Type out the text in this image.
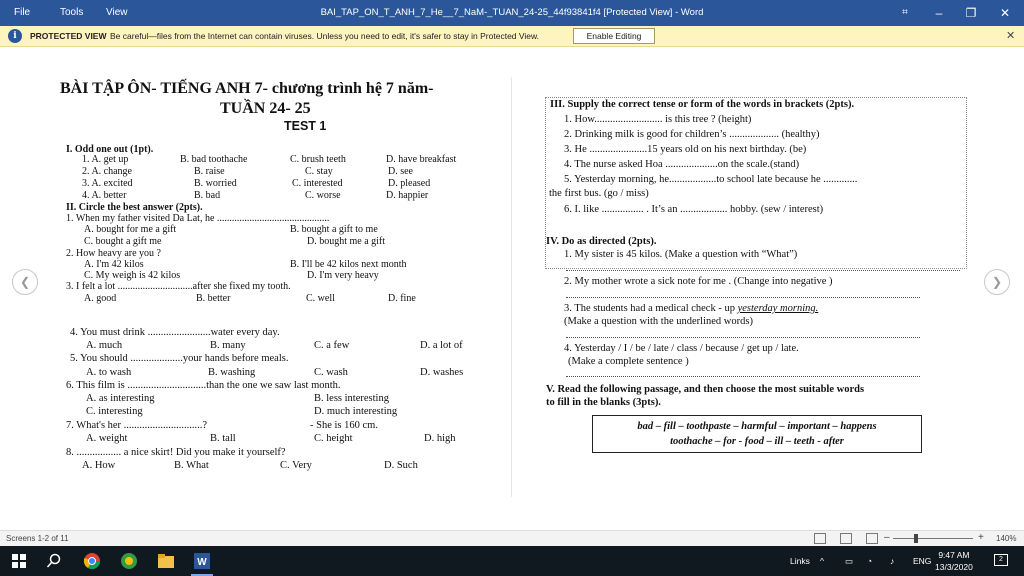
File	Tools View	BAI_TAP_ON_T_ANH_7_He__7_NaM-_TUAN_24-25_44f93841f4 [Protected View] - Word	⌗	–	❐	✕
i	PROTECTED VIEW Be careful—files from the Internet can contain viruses. Unless you need to edit, it's safer to stay in Protected View.	Enable Editing	✕
❮	❯
BÀI TẬP ÔN- TIẾNG ANH 7- chương trình hệ 7 năm-
TUẦN 24- 25
TEST 1
I. Odd one out (1pt).
1. A. get up	B. bad toothache	C. brush teeth	D. have breakfast
2. A. change	B. raise	C. stay	D. see
3. A. excited	B. worried	C. interested	D. pleased
4. A. better	B. bad	C. worse	D. happier
II. Circle the best answer (2pts).
1. When my father visited Da Lat, he .............................................
A. bought for me a gift	B. bought a gift to me
C. bought a gift me	D. bought me a gift
2. How heavy are you ?
A. I'm 42 kilos	B. I'll be 42 kilos next month
C. My weigh is 42 kilos	D. I'm very heavy
3. I felt a lot ..............................after she fixed my tooth.
A. good	B. better	C. well	D. fine
4. You must drink ........................water every day.
A. much	B. many	C. a few	D. a lot of
5. You should ....................your hands before meals.
A. to wash	B. washing	C. wash	D. washes
6. This film is ..............................than the one we saw last month.
A. as interesting	B. less interesting
C. interesting	D. much interesting
7. What's her ..............................?	- She is 160 cm.
A. weight	B. tall	C. height	D. high
8. ................. a nice skirt! Did you make it yourself?
A. How	B. What	C. Very	D. Such
III. Supply the correct tense or form of the words in brackets (2pts).
1. How.......................... is this tree ? (height)
2. Drinking milk is good for children’s ................... (healthy)
3. He ......................15 years old on his next birthday. (be)
4. The nurse asked Hoa ....................on the scale.(stand)
5. Yesterday morning, he..................to school late because he .............
the first bus. (go / miss)
6. I. like ................ . It’s an .................. hobby. (sew / interest)
IV. Do as directed (2pts).
1. My sister is 45 kilos. (Make a question with “What”)
2. My mother wrote a sick note for me . (Change into negative )
3. The students had a medical check - up yesterday morning.
(Make a question with the underlined words)
4. Yesterday / I / be / late / class / because / get up / late.
(Make a complete sentence )
V. Read the following passage, and then choose the most suitable words
to fill in the blanks (3pts).
bad – fill – toothpaste – harmful – important – happens
toothache – for - food – ill – teeth - after
Screens 1-2 of 11	–	+ 140%
W	Links ^ ▭ ◔ ♪ ENG
9:47 AM
13/3/2020
2
